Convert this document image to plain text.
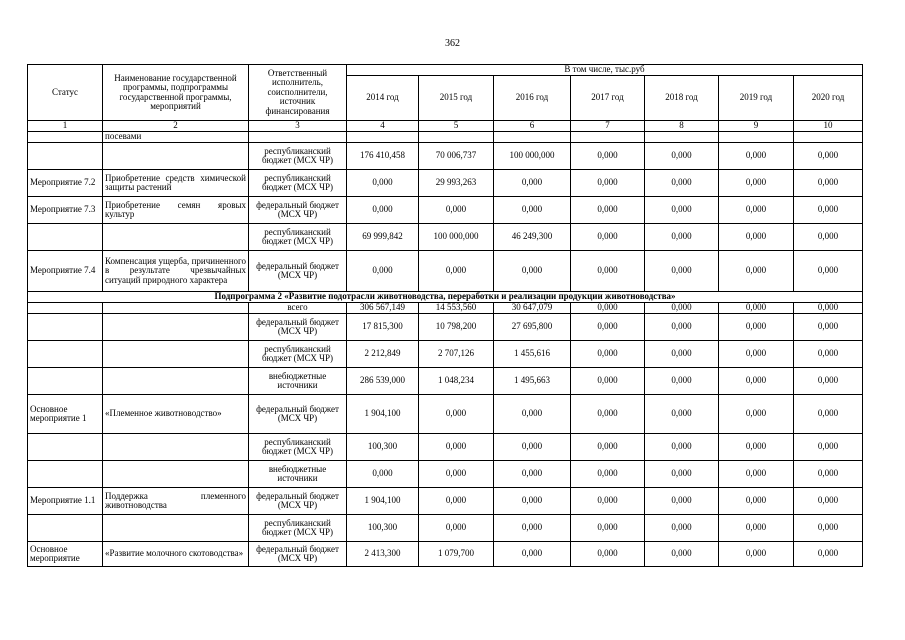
362
Статус	Наименование государственной программы, подпрограммы государственной программы, мероприятий	Ответственный исполнитель, соисполнители, источник финансирования	В том числе, тыс.руб						
			2014 год	2015 год	2016 год	2017 год	2018 год	2019 год	2020 год
1	2	3	4	5	6	7	8	9	10
	посевами								
		республиканский бюджет (МСХ ЧР)	176 410,458	70 006,737	100 000,000	0,000	0,000	0,000	0,000
Мероприятие 7.2	Приобретение средств химической защиты растений	республиканский бюджет (МСХ ЧР)	0,000	29 993,263	0,000	0,000	0,000	0,000	0,000
Мероприятие 7.3	Приобретение семян яровых культур	федеральный бюджет (МСХ ЧР)	0,000	0,000	0,000	0,000	0,000	0,000	0,000
		республиканский бюджет (МСХ ЧР)	69 999,842	100 000,000	46 249,300	0,000	0,000	0,000	0,000
Мероприятие 7.4	Компенсация ущерба, причиненного в результате чрезвычайных ситуаций природного характера	федеральный бюджет (МСХ ЧР)	0,000	0,000	0,000	0,000	0,000	0,000	0,000
Подпрограмма 2 «Развитие подотрасли животноводства, переработки и реализации продукции животноводства»									
		всего	306 567,149	14 553,560	30 647,079	0,000	0,000	0,000	0,000
		федеральный бюджет (МСХ ЧР)	17 815,300	10 798,200	27 695,800	0,000	0,000	0,000	0,000
		республиканский бюджет (МСХ ЧР)	2 212,849	2 707,126	1 455,616	0,000	0,000	0,000	0,000
		внебюджетные источники	286 539,000	1 048,234	1 495,663	0,000	0,000	0,000	0,000
Основное мероприятие 1	«Племенное животноводство»	федеральный бюджет (МСХ ЧР)	1 904,100	0,000	0,000	0,000	0,000	0,000	0,000
		республиканский бюджет (МСХ ЧР)	100,300	0,000	0,000	0,000	0,000	0,000	0,000
		внебюджетные источники	0,000	0,000	0,000	0,000	0,000	0,000	0,000
Мероприятие 1.1	Поддержка племенного животноводства	федеральный бюджет (МСХ ЧР)	1 904,100	0,000	0,000	0,000	0,000	0,000	0,000
		республиканский бюджет (МСХ ЧР)	100,300	0,000	0,000	0,000	0,000	0,000	0,000
Основное мероприятие	«Развитие молочного скотоводства»	федеральный бюджет (МСХ ЧР)	2 413,300	1 079,700	0,000	0,000	0,000	0,000	0,000
